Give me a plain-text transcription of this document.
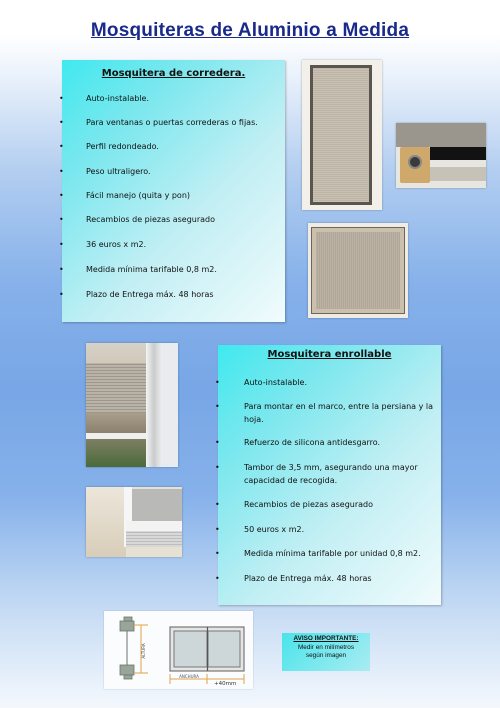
Mosquiteras de Aluminio a Medida
Mosquitera de corredera.
•	Auto-instalable.
•	Para ventanas o puertas correderas o fijas.
•	Perfil redondeado.
•	Peso ultraligero.
•	Fácil manejo (quita y pon)
•	Recambios de piezas asegurado
•	36 euros x m2.
•	Medida mínima tarifable 0,8 m2.
•	Plazo de Entrega máx. 48 horas
Mosquitera enrollable
•	Auto-instalable.
•	Para montar en el marco, entre la persiana y la hoja.
•	Refuerzo de silicona antidesgarro.
•	Tambor de 3,5 mm, asegurando una mayor capacidad de recogida.
•	Recambios de piezas asegurado
•	50 euros x m2.
•	Medida mínima tarifable por unidad 0,8 m2.
•	Plazo de Entrega máx. 48 horas
ALTURA
ANCHURA
+40mm
AVISO IMPORTANTE:
Medir en milímetros
según imagen
